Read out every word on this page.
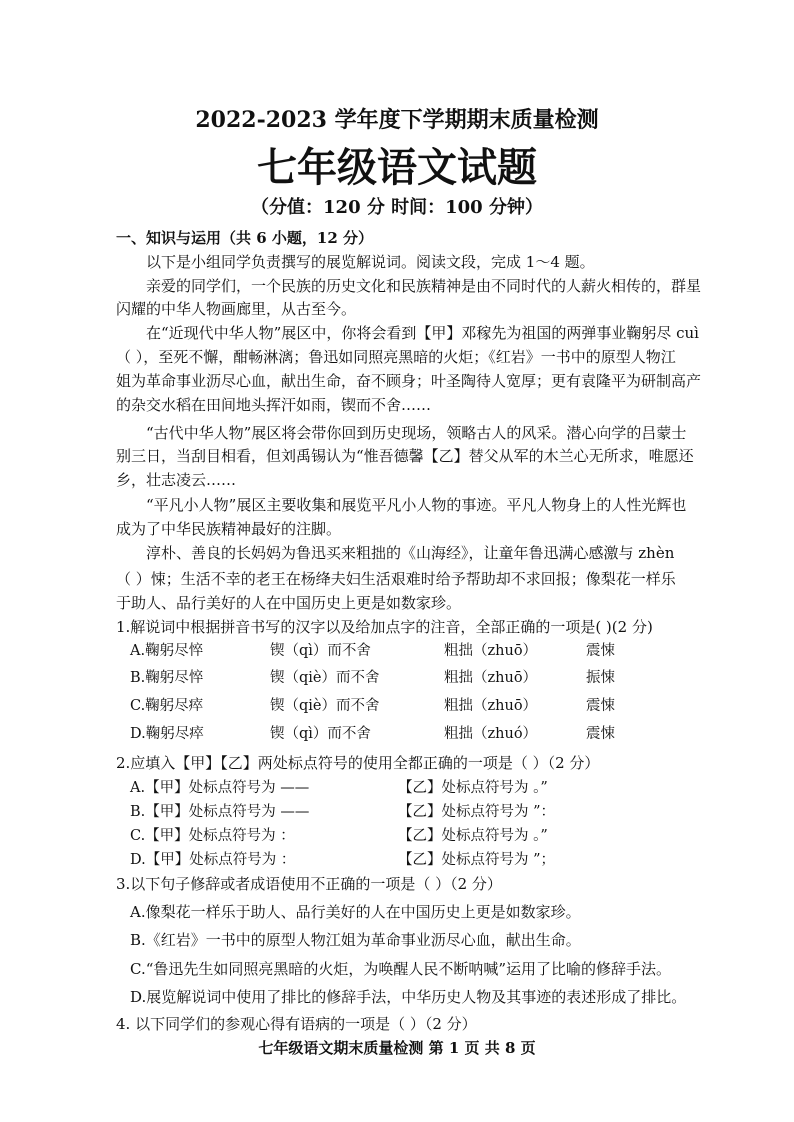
2022-2023 学年度下学期期末质量检测
七年级语文试题
（分值：120 分 时间：100 分钟）
一、知识与运用（共 6 小题，12 分）
以下是小组同学负责撰写的展览解说词。阅读文段，完成 1～4 题。
亲爱的同学们，一个民族的历史文化和民族精神是由不同时代的人薪火相传的，群星
闪耀的中华人物画廊里，从古至今。
在“近现代中华人物”展区中，你将会看到【甲】邓稼先为祖国的两弹事业鞠躬尽 cuì
（ ），至死不懈，酣畅淋漓；鲁迅如同照亮黑暗的火炬；《红岩》一书中的原型人物江
姐为革命事业沥尽心血，献出生命，奋不顾身；叶圣陶待人宽厚；更有袁隆平为研制高产
的杂交水稻在田间地头挥汗如雨，锲而不舍……
“古代中华人物”展区将会带你回到历史现场，领略古人的风采。潜心向学的吕蒙士
别三日，当刮目相看，但刘禹锡认为“惟吾德馨【乙】替父从军的木兰心无所求，唯愿还
乡，壮志凌云……
“平凡小人物”展区主要收集和展览平凡小人物的事迹。平凡人物身上的人性光辉也
成为了中华民族精神最好的注脚。
淳朴、善良的长妈妈为鲁迅买来粗拙的《山海经》，让童年鲁迅满心感激与 zhèn
（ ）悚；生活不幸的老王在杨绛夫妇生活艰难时给予帮助却不求回报；像梨花一样乐
于助人、品行美好的人在中国历史上更是如数家珍。
1.解说词中根据拼音书写的汉字以及给加点字的注音，全部正确的一项是( )(2 分)
A.鞠躬尽悴	锲（qì）而不舍	粗拙（zhuō）	震悚
B.鞠躬尽悴	锲（qiè）而不舍	粗拙（zhuō）	振悚
C.鞠躬尽瘁	锲（qiè）而不舍	粗拙（zhuō）	震悚
D.鞠躬尽瘁	锲（qì）而不舍	粗拙（zhuó）	震悚
2.应填入【甲】【乙】两处标点符号的使用全都正确的一项是（ ）（2 分）
A.【甲】处标点符号为 ——	【乙】处标点符号为 。”
B.【甲】处标点符号为 ——	【乙】处标点符号为 ”：
C.【甲】处标点符号为 ：	【乙】处标点符号为 。”
D.【甲】处标点符号为 ：	【乙】处标点符号为 ”；
3.以下句子修辞或者成语使用不正确的一项是（ ）（2 分）
A.像梨花一样乐于助人、品行美好的人在中国历史上更是如数家珍。
B.《红岩》一书中的原型人物江姐为革命事业沥尽心血，献出生命。
C.“鲁迅先生如同照亮黑暗的火炬，为唤醒人民不断呐喊”运用了比喻的修辞手法。
D.展览解说词中使用了排比的修辞手法，中华历史人物及其事迹的表述形成了排比。
4. 以下同学们的参观心得有语病的一项是（ ）（2 分）
七年级语文期末质量检测 第 1 页 共 8 页
